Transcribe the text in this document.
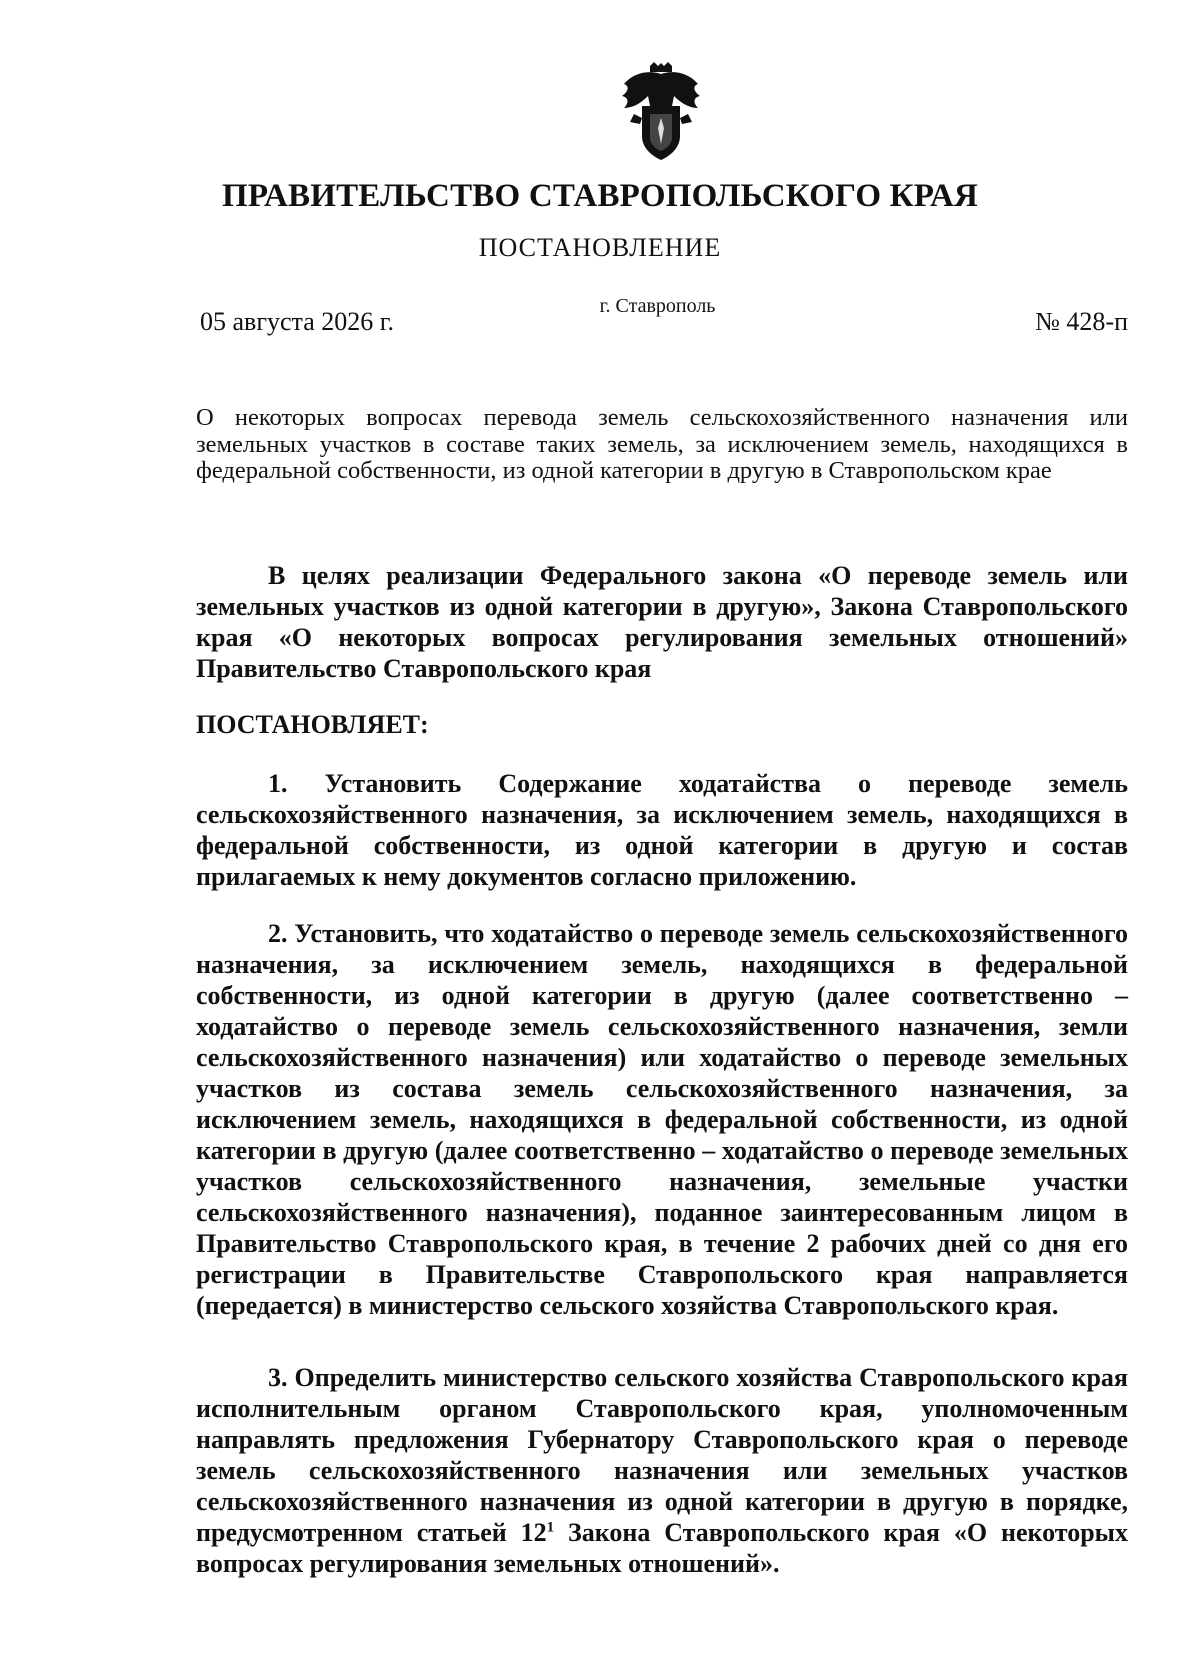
ПРАВИТЕЛЬСТВО СТАВРОПОЛЬСКОГО КРАЯ
ПОСТАНОВЛЕНИЕ
05 августа 2026 г.
г. Ставрополь
№ 428-п
О некоторых вопросах перевода земель сельскохозяйственного назначения или земельных участков в составе таких земель, за исключением земель, находящихся в федеральной собственности, из одной категории в другую в Ставропольском крае
В целях реализации Федерального закона «О переводе земель или земельных участков из одной категории в другую», Закона Ставропольского края «О некоторых вопросах регулирования земельных отношений» Правительство Ставропольского края
ПОСТАНОВЛЯЕТ:
1. Установить Содержание ходатайства о переводе земель сельскохозяйственного назначения, за исключением земель, находящихся в федеральной собственности, из одной категории в другую и состав прилагаемых к нему документов согласно приложению.
2. Установить, что ходатайство о переводе земель сельскохозяйственного назначения, за исключением земель, находящихся в федеральной собственности, из одной категории в другую (далее соответственно – ходатайство о переводе земель сельскохозяйственного назначения, земли сельскохозяйственного назначения) или ходатайство о переводе земельных участков из состава земель сельскохозяйственного назначения, за исключением земель, находящихся в федеральной собственности, из одной категории в другую (далее соответственно – ходатайство о переводе земельных участков сельскохозяйственного назначения, земельные участки сельскохозяйственного назначения), поданное заинтересованным лицом в Правительство Ставропольского края, в течение 2 рабочих дней со дня его регистрации в Правительстве Ставропольского края направляется (передается) в министерство сельского хозяйства Ставропольского края.
3. Определить министерство сельского хозяйства Ставропольского края исполнительным органом Ставропольского края, уполномоченным направлять предложения Губернатору Ставропольского края о переводе земель сельскохозяйственного назначения или земельных участков сельскохозяйственного назначения из одной категории в другую в порядке, предусмотренном статьей $12^1$ Закона Ставропольского края «О некоторых вопросах регулирования земельных отношений».
